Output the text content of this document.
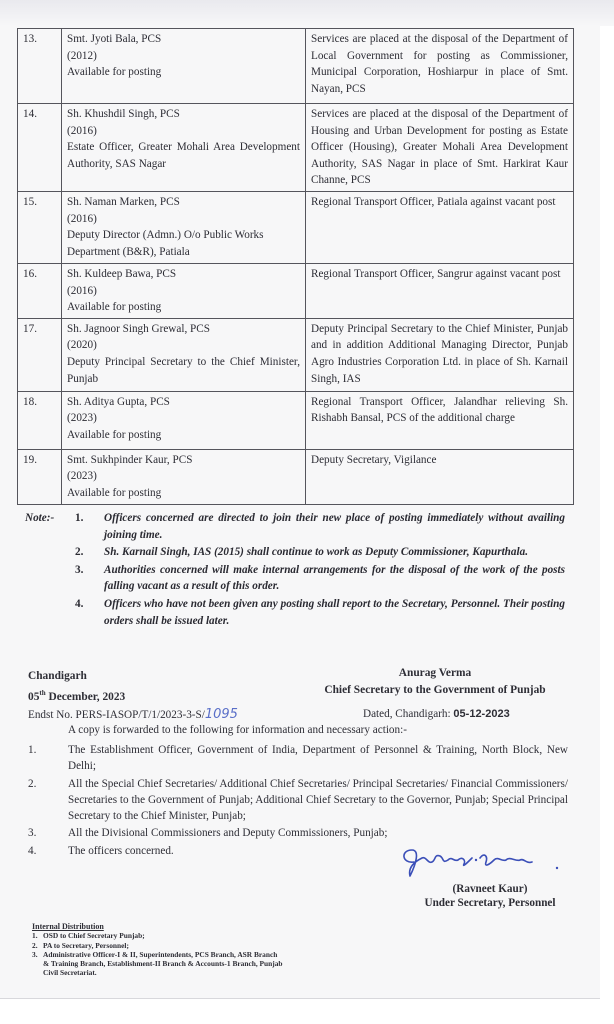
13.	Smt. Jyoti Bala, PCS
(2012)
Available for posting	Services are placed at the disposal of the Department of Local Government for posting as Commissioner, Municipal Corporation, Hoshiarpur in place of Smt. Nayan, PCS
14.	Sh. Khushdil Singh, PCS
(2016)
Estate Officer, Greater Mohali Area Development Authority, SAS Nagar
	Services are placed at the disposal of the Department of Housing and Urban Development for posting as Estate Officer (Housing), Greater Mohali Area Development Authority, SAS Nagar in place of Smt. Harkirat Kaur Channe, PCS
15.	Sh. Naman Marken, PCS
(2016)
Deputy Director (Admn.) O/o Public Works Department (B&R), Patiala	Regional Transport Officer, Patiala against vacant post
16.	Sh. Kuldeep Bawa, PCS
(2016)
Available for posting	Regional Transport Officer, Sangrur against vacant post
17.	Sh. Jagnoor Singh Grewal, PCS
(2020)
Deputy Principal Secretary to the Chief Minister, Punjab	Deputy Principal Secretary to the Chief Minister, Punjab and in addition Additional Managing Director, Punjab Agro Industries Corporation Ltd. in place of Sh. Karnail Singh, IAS
18.	Sh. Aditya Gupta, PCS
(2023)
Available for posting	Regional Transport Officer, Jalandhar relieving Sh. Rishabh Bansal, PCS of the additional charge
19.	Smt. Sukhpinder Kaur, PCS
(2023)
Available for posting	Deputy Secretary, Vigilance
Note:- 1. Officers concerned are directed to join their new place of posting immediately without availing joining time.
2. Sh. Karnail Singh, IAS (2015) shall continue to work as Deputy Commissioner, Kapurthala.
3. Authorities concerned will make internal arrangements for the disposal of the work of the posts falling vacant as a result of this order.
4. Officers who have not been given any posting shall report to the Secretary, Personnel. Their posting orders shall be issued later.
Chandigarh
05th December, 2023
Anurag Verma
Chief Secretary to the Government of Punjab
Endst No. PERS-IASOP/T/1/2023-3-S/1095	Dated, Chandigarh: 05-12-2023
A copy is forwarded to the following for information and necessary action:-
1.	The Establishment Officer, Government of India, Department of Personnel & Training, North Block, New Delhi;
2.	All the Special Chief Secretaries/ Additional Chief Secretaries/ Principal Secretaries/ Financial Commissioners/ Secretaries to the Government of Punjab; Additional Chief Secretary to the Governor, Punjab; Special Principal Secretary to the Chief Minister, Punjab;
3.	All the Divisional Commissioners and Deputy Commissioners, Punjab;
4.	The officers concerned.
(Ravneet Kaur)
Under Secretary, Personnel
Internal Distribution
1. OSD to Chief Secretary Punjab;
2. PA to Secretary, Personnel;
3. Administrative Officer-I & II, Superintendents, PCS Branch, ASR Branch & Training Branch, Establishment-II Branch & Accounts-1 Branch, Punjab Civil Secretariat.
